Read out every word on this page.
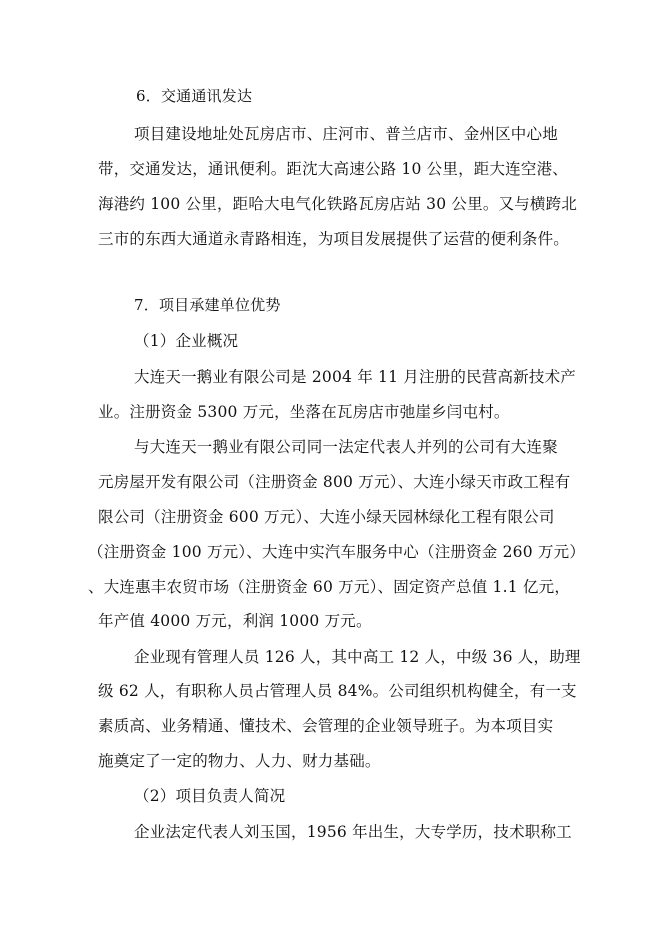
6．交通通讯发达
项目建设地址处瓦房店市、庄河市、普兰店市、金州区中心地
带，交通发达，通讯便利。距沈大高速公路 10 公里，距大连空港、
海港约 100 公里，距哈大电气化铁路瓦房店站 30 公里。又与横跨北
三市的东西大通道永青路相连，为项目发展提供了运营的便利条件。
7．项目承建单位优势
（1）企业概况
大连天一鹅业有限公司是 2004 年 11 月注册的民营高新技术产
业。注册资金 5300 万元，坐落在瓦房店市弛崖乡闫屯村。
与大连天一鹅业有限公司同一法定代表人并列的公司有大连聚
元房屋开发有限公司（注册资金 800 万元）、大连小绿天市政工程有
限公司（注册资金 600 万元）、大连小绿天园林绿化工程有限公司
（注册资金 100 万元）、大连中实汽车服务中心（注册资金 260 万元）
、大连惠丰农贸市场（注册资金 60 万元）、固定资产总值 1.1 亿元，
年产值 4000 万元，利润 1000 万元。
企业现有管理人员 126 人，其中高工 12 人，中级 36 人，助理
级 62 人，有职称人员占管理人员 84%。公司组织机构健全，有一支
素质高、业务精通、懂技术、会管理的企业领导班子。为本项目实
施奠定了一定的物力、人力、财力基础。
（2）项目负责人简况
企业法定代表人刘玉国，1956 年出生，大专学历，技术职称工
